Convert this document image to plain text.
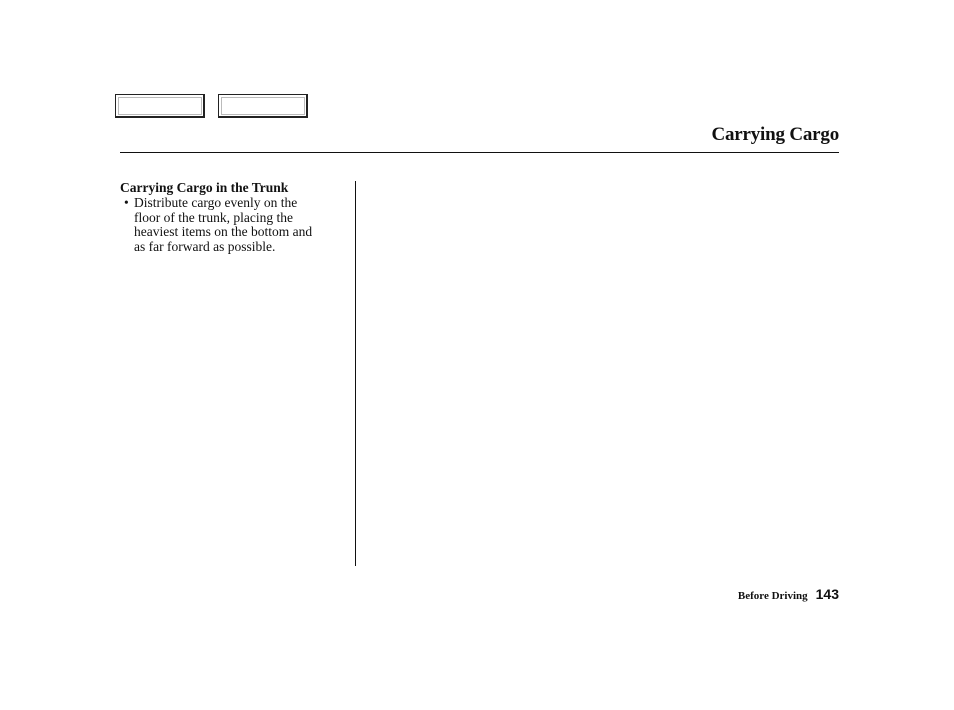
Carrying Cargo

Carrying Cargo in the Trunk

• Distribute cargo evenly on the
floor of the trunk, placing the
heaviest items on the bottom and
as far forward as possible.
Before Driving 143
